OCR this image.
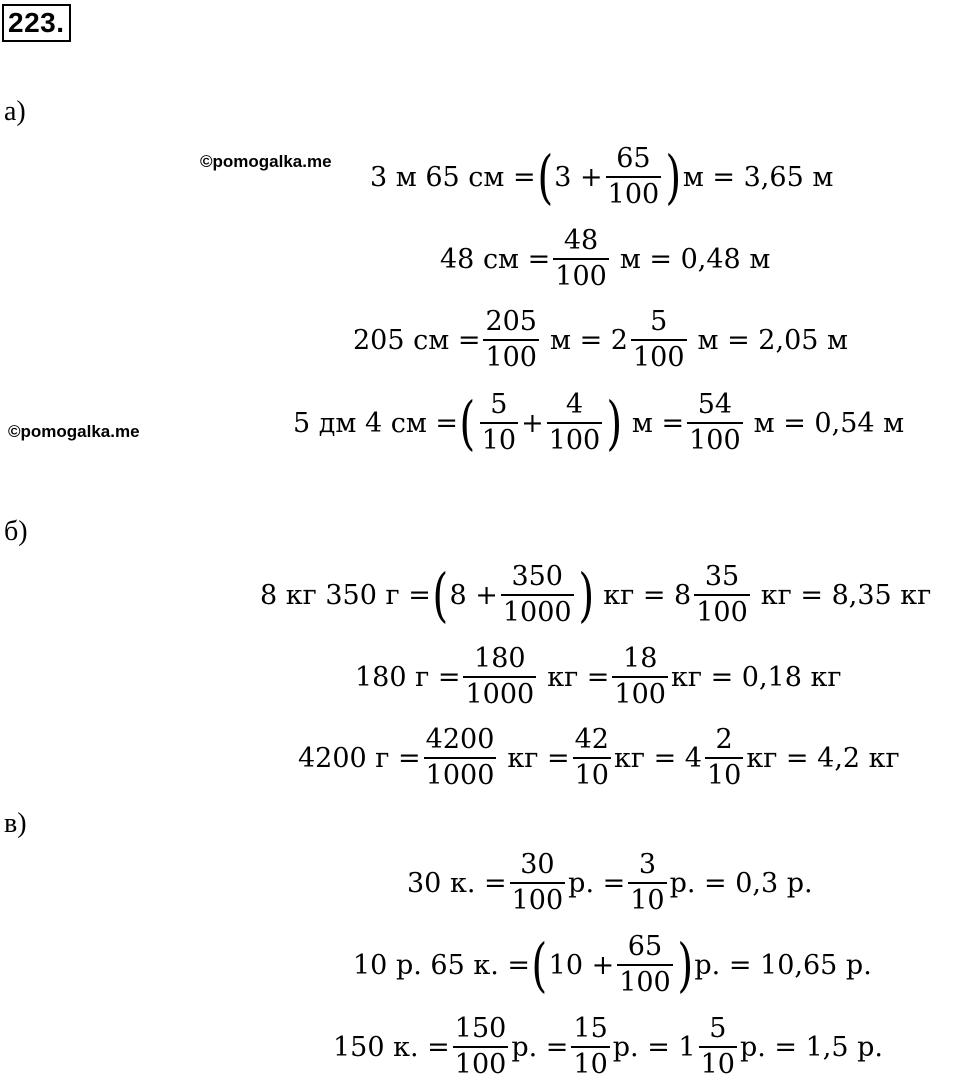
223.
а)
©pomogalka.me 3 м 65 см = ( $3 + \frac{65}{100}$ ) м = 3,65 м
48 см = $\frac{48}{100}$ м = 0,48 м
205 см = $\frac{205}{100}$ $м = 2 \frac{5}{100}$ м = 2,05 м
©pomogalka.me	5 дм 4 см = ( $\frac{5}{10} + \frac{4}{100}$ ) $м = \frac{54}{100}$ м = 0,54 м
б)
8 кг 350 г = ( $8 + \frac{350}{1000}$ ) кг = $8 \frac{35}{100}$ кг = 8,35 кг
180 $г = \frac{180}{1000}$ кг = $\frac{18}{100}$ кг = 0,18 кг
4200 $г = \frac{4200}{1000}$ кг = $\frac{42}{10}$ кг = $4 \frac{2}{10}$ кг = 4,2 кг
в)
30 к. = $\frac{30}{100} р$. = $\frac{3}{10} р$. = 0,3 р.
10 р. 65 к. = ( $10 + \frac{65}{100}$ ) р. = 10,65 р.
150 к. = $\frac{150}{100} р$. = $\frac{15}{10} р$. = $1 \frac{5}{10} р$. = 1,5 р.
